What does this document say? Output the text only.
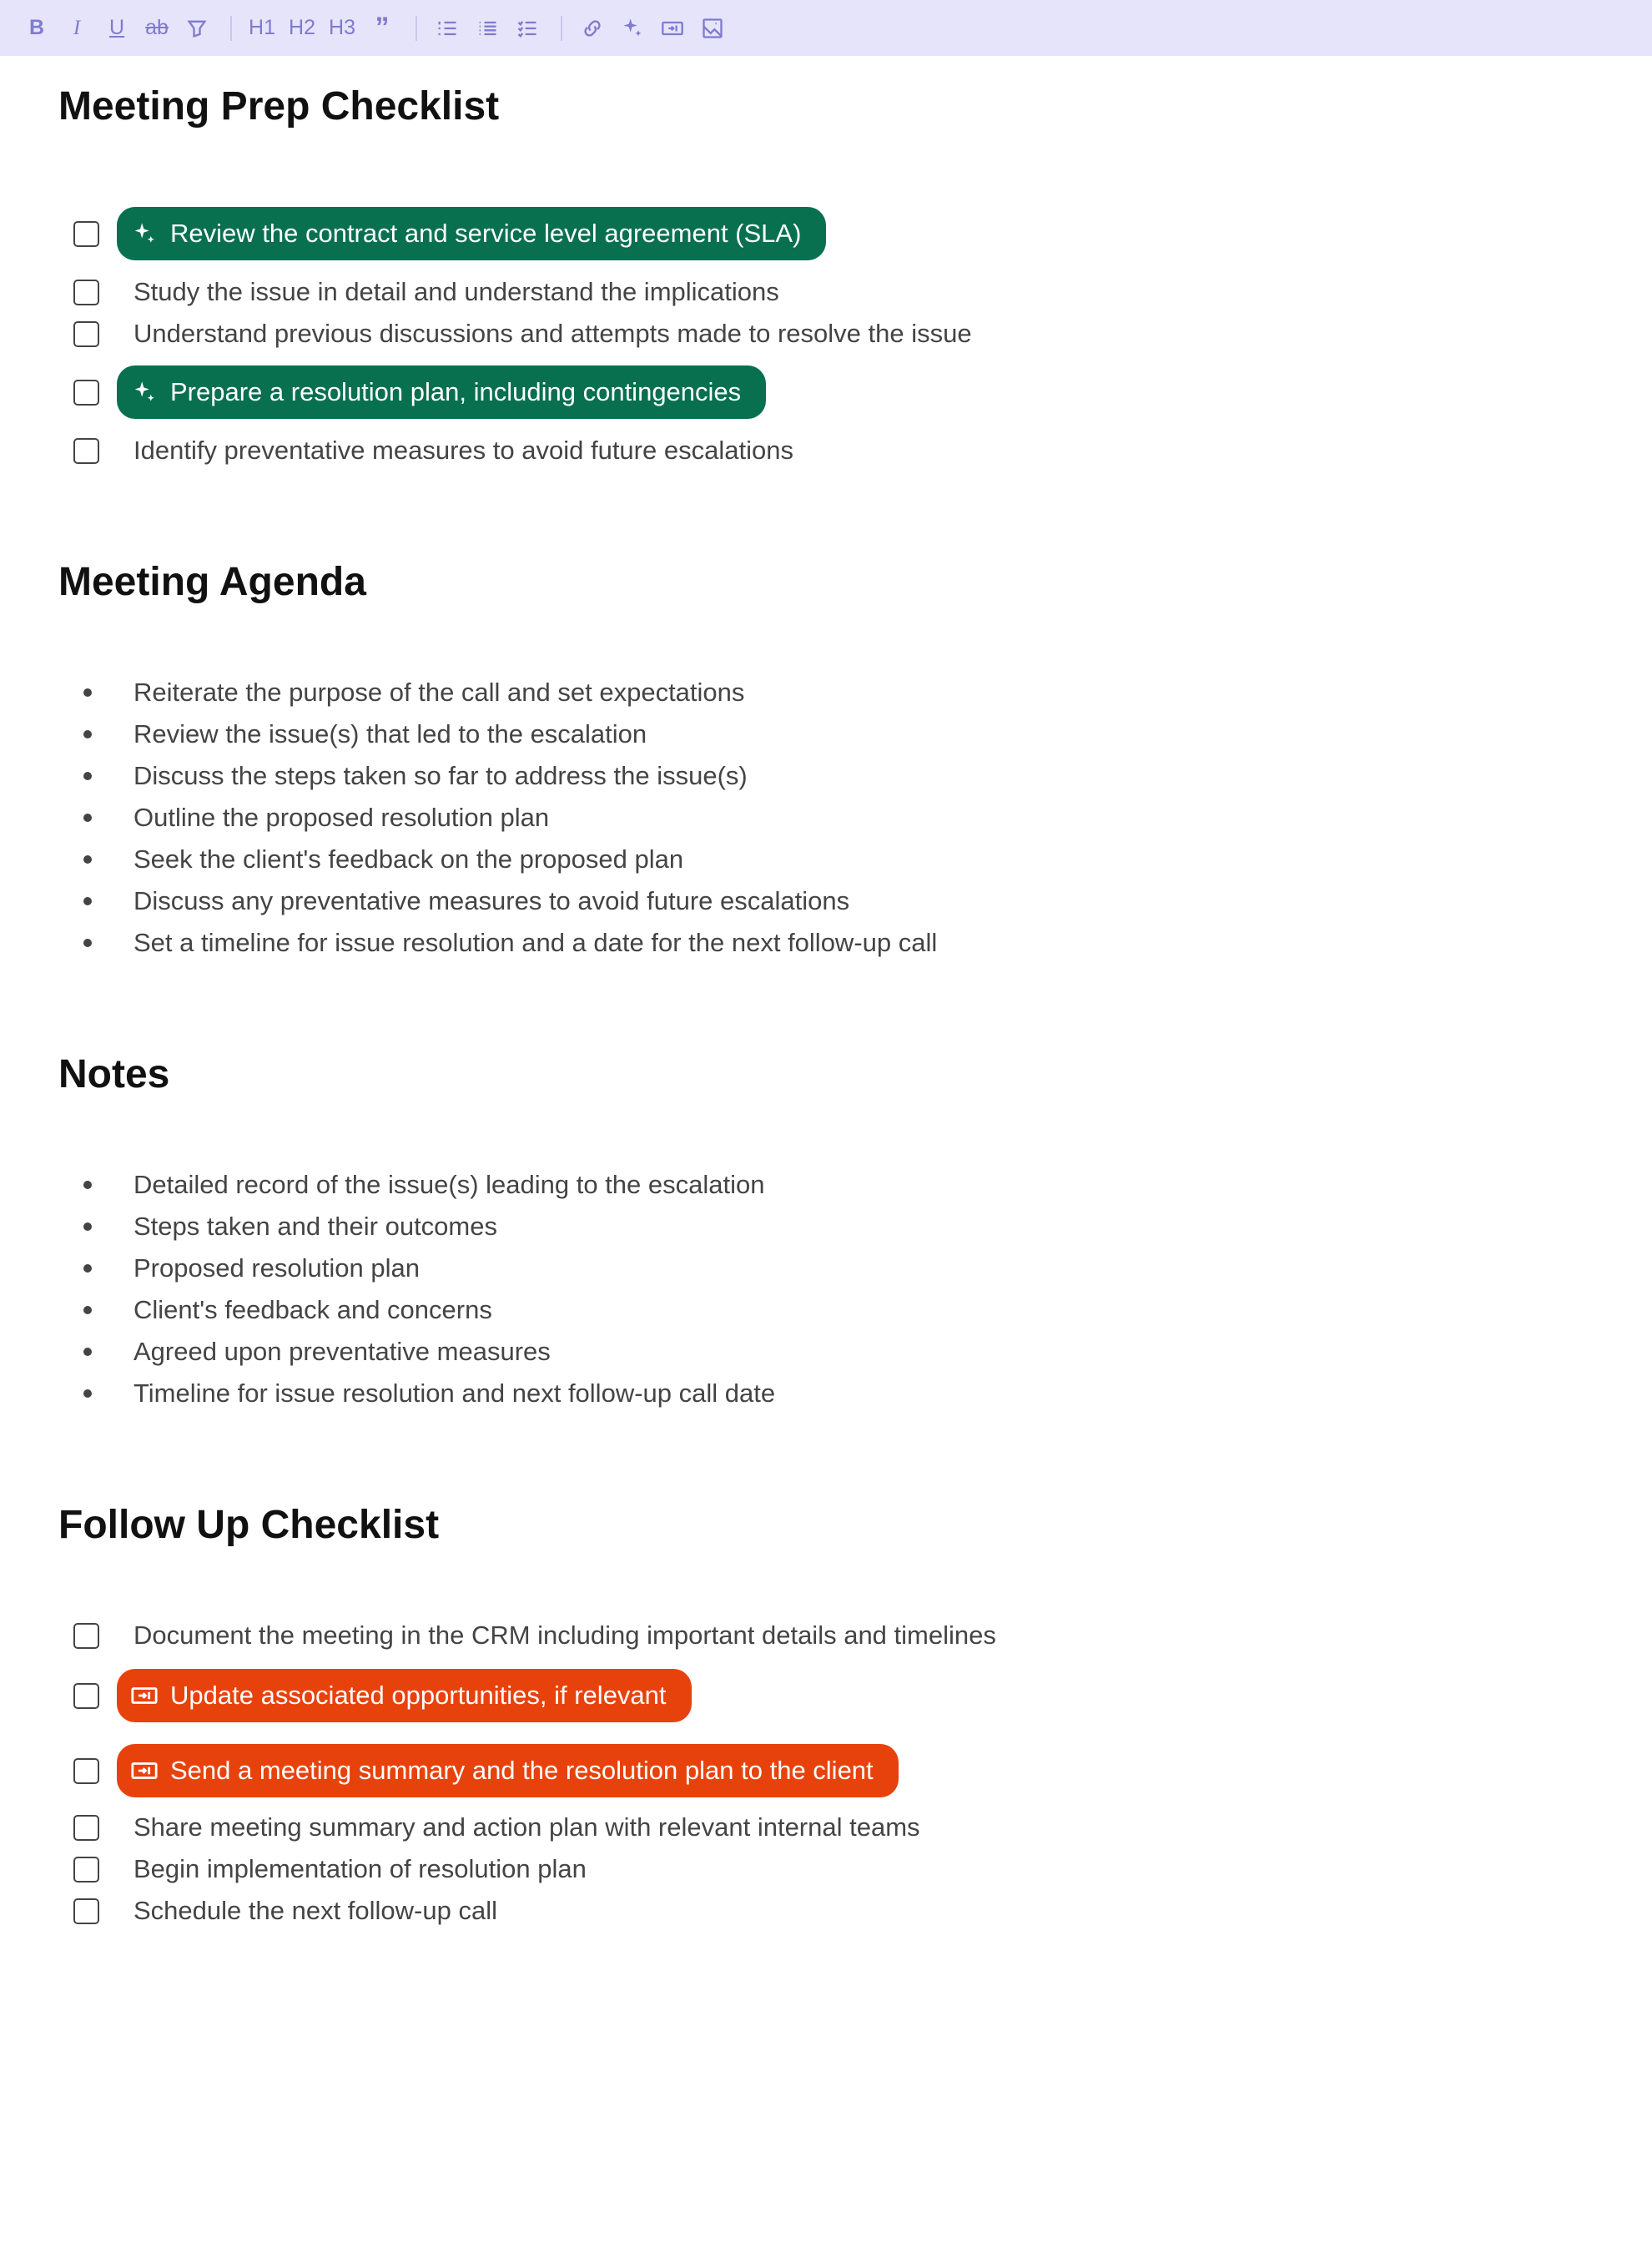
B I U ab	H1 H2 H3 ”
Meeting Prep Checklist
Review the contract and service level agreement (SLA)
Study the issue in detail and understand the implications
Understand previous discussions and attempts made to resolve the issue
Prepare a resolution plan, including contingencies
Identify preventative measures to avoid future escalations
Meeting Agenda
Reiterate the purpose of the call and set expectations
Review the issue(s) that led to the escalation
Discuss the steps taken so far to address the issue(s)
Outline the proposed resolution plan
Seek the client's feedback on the proposed plan
Discuss any preventative measures to avoid future escalations
Set a timeline for issue resolution and a date for the next follow-up call
Notes
Detailed record of the issue(s) leading to the escalation
Steps taken and their outcomes
Proposed resolution plan
Client's feedback and concerns
Agreed upon preventative measures
Timeline for issue resolution and next follow-up call date
Follow Up Checklist
Document the meeting in the CRM including important details and timelines
Update associated opportunities, if relevant
Send a meeting summary and the resolution plan to the client
Share meeting summary and action plan with relevant internal teams
Begin implementation of resolution plan
Schedule the next follow-up call
